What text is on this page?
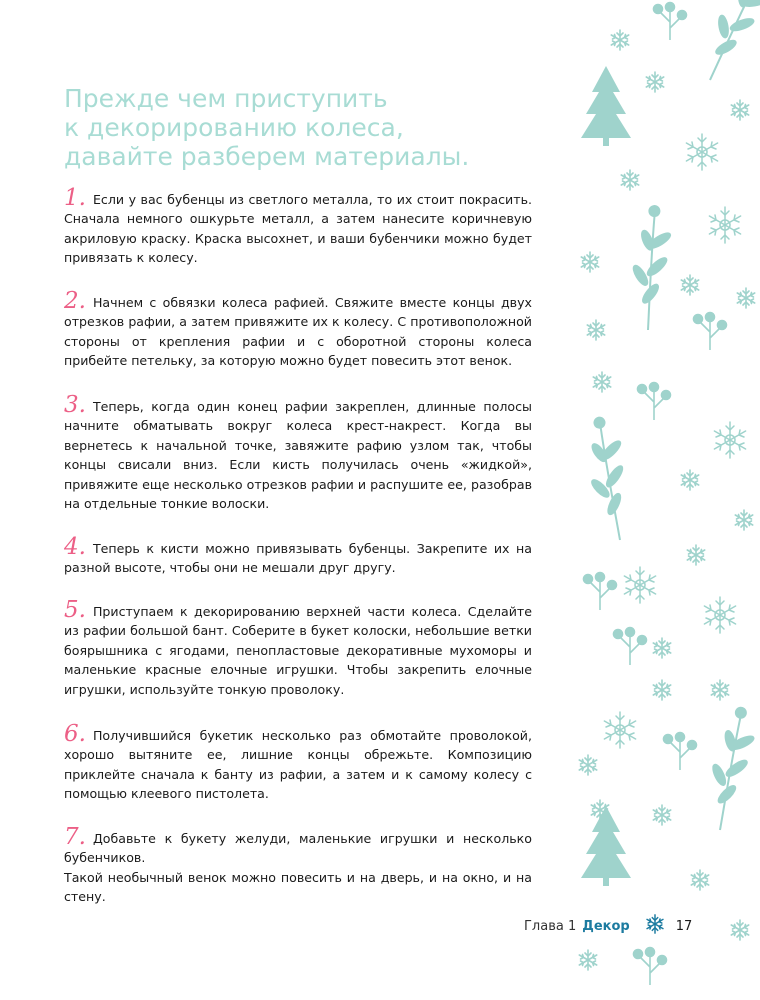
Прежде чем приступить
к декорированию колеса,
давайте разберем материалы.

1. Если у вас бубенцы из светлого металла, то их стоит покрасить. Сначала немного ошкурьте металл, а затем нанесите коричневую акриловую краску. Краска высохнет, и ваши бубенчики можно будет привязать к колесу.

2. Начнем с обвязки колеса рафией. Свяжите вместе концы двух отрезков рафии, а затем привяжите их к колесу. С противоположной стороны от крепления рафии и с оборотной стороны колеса прибейте петельку, за которую можно будет повесить этот венок.

3. Теперь, когда один конец рафии закреплен, длинные полосы начните обматывать вокруг колеса крест-накрест. Когда вы вернетесь к начальной точке, завяжите рафию узлом так, чтобы концы свисали вниз. Если кисть получилась очень «жидкой», привяжите еще несколько отрезков рафии и распушите ее, разобрав на отдельные тонкие волоски.

4. Теперь к кисти можно привязывать бубенцы. Закрепите их на разной высоте, чтобы они не мешали друг другу.

5. Приступаем к декорированию верхней части колеса. Сделайте из рафии большой бант. Соберите в букет колоски, небольшие ветки боярышника с ягодами, пенопластовые декоративные мухоморы и маленькие красные елочные игрушки. Чтобы закрепить елочные игрушки, используйте тонкую проволоку.

6. Получившийся букетик несколько раз обмотайте проволокой, хорошо вытяните ее, лишние концы обрежьте. Композицию приклейте сначала к банту из рафии, а затем и к самому колесу с помощью клеевого пистолета.

7. Добавьте к букету желуди, маленькие игрушки и несколько бубенчиков.
Такой необычный венок можно повесить и на дверь, и на окно, и на стену.

Глава 1 Декор	17
